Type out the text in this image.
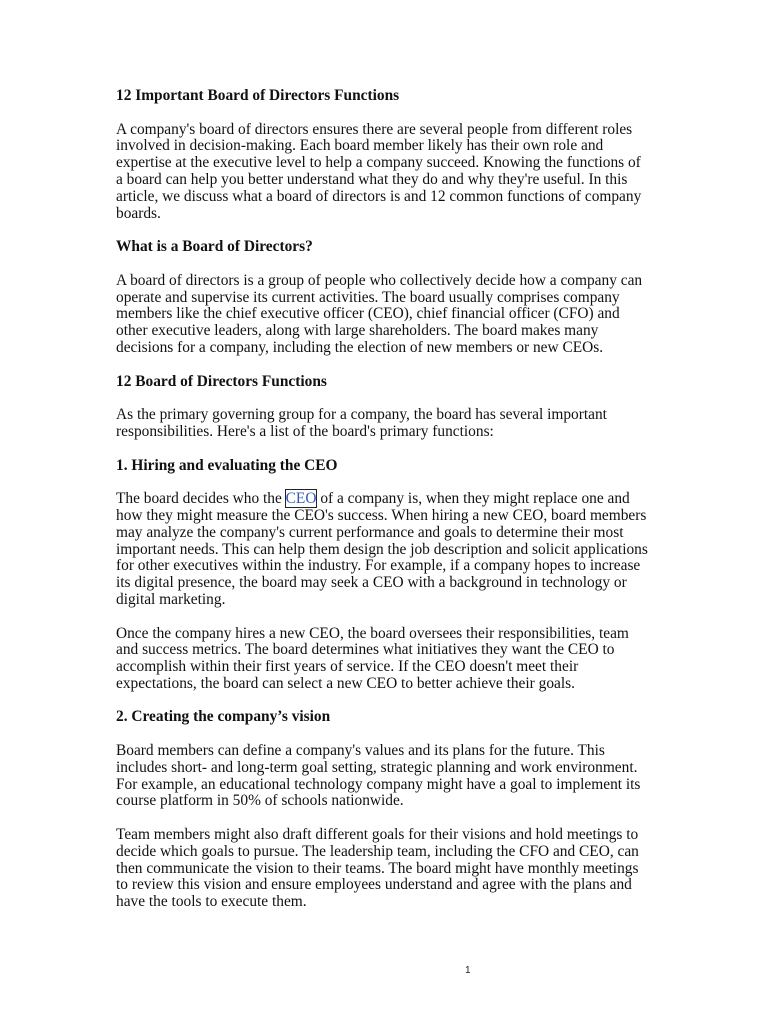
12 Important Board of Directors Functions
A company's board of directors ensures there are several people from different roles
involved in decision-making. Each board member likely has their own role and
expertise at the executive level to help a company succeed. Knowing the functions of
a board can help you better understand what they do and why they're useful. In this
article, we discuss what a board of directors is and 12 common functions of company
boards.
What is a Board of Directors?
A board of directors is a group of people who collectively decide how a company can
operate and supervise its current activities. The board usually comprises company
members like the chief executive officer (CEO), chief financial officer (CFO) and
other executive leaders, along with large shareholders. The board makes many
decisions for a company, including the election of new members or new CEOs.
12 Board of Directors Functions
As the primary governing group for a company, the board has several important
responsibilities. Here's a list of the board's primary functions:
1. Hiring and evaluating the CEO
The board decides who the CEO of a company is, when they might replace one and
how they might measure the CEO's success. When hiring a new CEO, board members
may analyze the company's current performance and goals to determine their most
important needs. This can help them design the job description and solicit applications
for other executives within the industry. For example, if a company hopes to increase
its digital presence, the board may seek a CEO with a background in technology or
digital marketing.
Once the company hires a new CEO, the board oversees their responsibilities, team
and success metrics. The board determines what initiatives they want the CEO to
accomplish within their first years of service. If the CEO doesn't meet their
expectations, the board can select a new CEO to better achieve their goals.
2. Creating the company’s vision
Board members can define a company's values and its plans for the future. This
includes short- and long-term goal setting, strategic planning and work environment.
For example, an educational technology company might have a goal to implement its
course platform in 50% of schools nationwide.
Team members might also draft different goals for their visions and hold meetings to
decide which goals to pursue. The leadership team, including the CFO and CEO, can
then communicate the vision to their teams. The board might have monthly meetings
to review this vision and ensure employees understand and agree with the plans and
have the tools to execute them.
1
